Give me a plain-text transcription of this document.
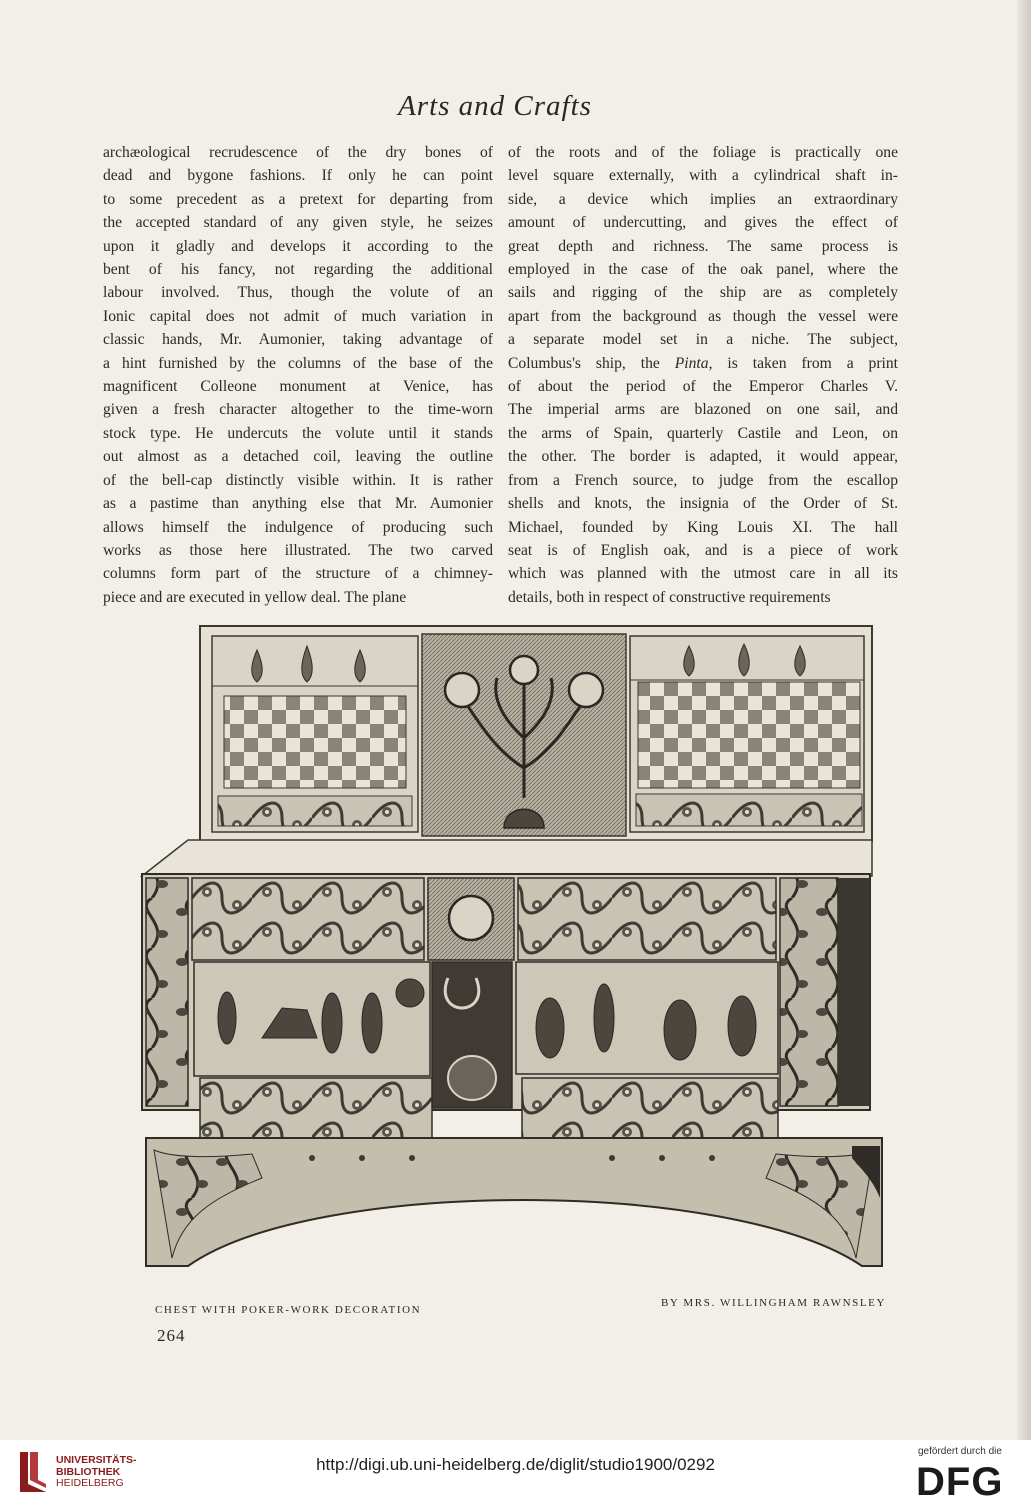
Arts and Crafts
archæological recrudescence of the dry bones of
dead and bygone fashions. If only he can point
to some precedent as a pretext for departing from
the accepted standard of any given style, he seizes
upon it gladly and develops it according to the
bent of his fancy, not regarding the additional
labour involved. Thus, though the volute of an
Ionic capital does not admit of much variation in
classic hands, Mr. Aumonier, taking advantage of
a hint furnished by the columns of the base of the
magnificent Colleone monument at Venice, has
given a fresh character altogether to the time-worn
stock type. He undercuts the volute until it stands
out almost as a detached coil, leaving the outline
of the bell-cap distinctly visible within. It is rather
as a pastime than anything else that Mr. Aumonier
allows himself the indulgence of producing such
works as those here illustrated. The two carved
columns form part of the structure of a chimney-
piece and are executed in yellow deal. The plane
of the roots and of the foliage is practically one
level square externally, with a cylindrical shaft in-
side, a device which implies an extraordinary
amount of undercutting, and gives the effect of
great depth and richness. The same process is
employed in the case of the oak panel, where the
sails and rigging of the ship are as completely
apart from the background as though the vessel were
a separate model set in a niche. The subject,
Columbus's ship, the Pinta, is taken from a print
of about the period of the Emperor Charles V.
The imperial arms are blazoned on one sail, and
the arms of Spain, quarterly Castile and Leon, on
the other. The border is adapted, it would appear,
from a French source, to judge from the escallop
shells and knots, the insignia of the Order of St.
Michael, founded by King Louis XI. The hall
seat is of English oak, and is a piece of work
which was planned with the utmost care in all its
details, both in respect of constructive requirements
CHEST WITH POKER-WORK DECORATION
BY MRS. WILLINGHAM RAWNSLEY
264
UNIVERSITÄTS-
BIBLIOTHEK
HEIDELBERG
http://digi.ub.uni-heidelberg.de/diglit/studio1900/0292
gefördert durch die
DFG
